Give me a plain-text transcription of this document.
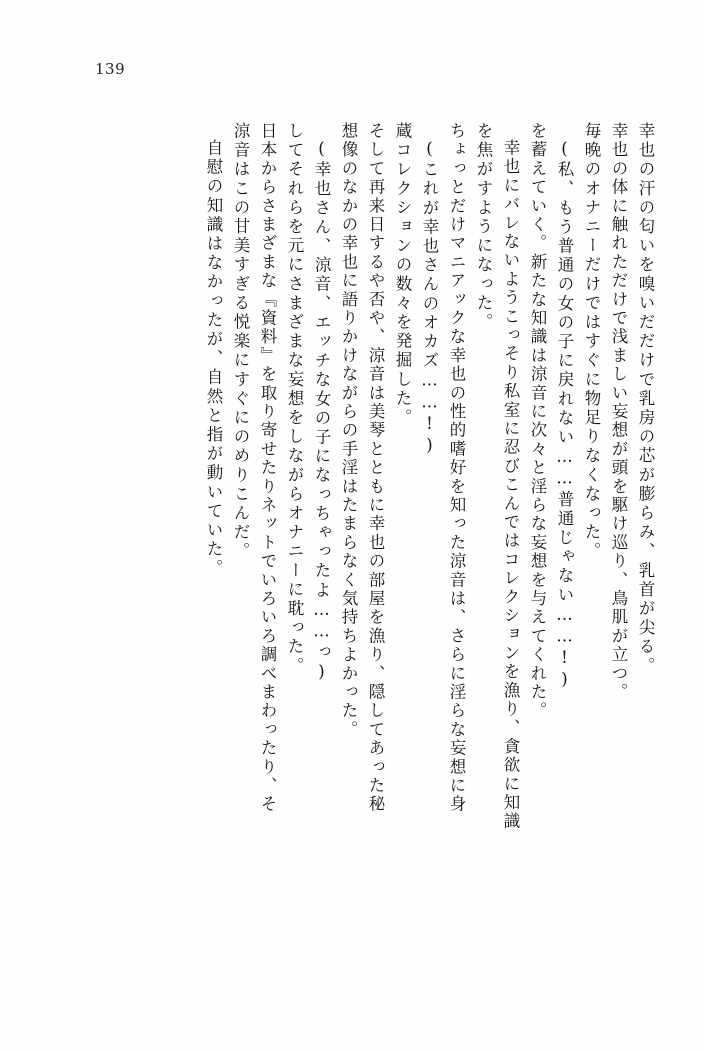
139
自慰の知識はなかったが、自然と指が動いていた。 涼音はこの甘美すぎる悦楽にすぐにのめりこんだ。 日本からさまざまな『資料』を取り寄せたりネットでいろいろ調べまわったり、そ してそれらを元にさまざまな妄想をしながらオナニーに耽った。 (幸也さん、涼音、エッチな女の子になっちゃったよ……っ) 想像のなかの幸也に語りかけながらの手淫はたまらなく気持ちよかった。 そして再来日するや否や、涼音は美琴とともに幸也の部屋を漁り、隠してあった秘 蔵コレクションの数々を発掘した。 (これが幸也さんのオカズ……!) ちょっとだけマニアックな幸也の性的嗜好を知った涼音は、さらに淫らな妄想に身 を焦がすようになった。 幸也にバレないようこっそり私室に忍びこんではコレクションを漁り、貪欲に知識 を蓄えていく。新たな知識は涼音に次々と淫らな妄想を与えてくれた。 (私、もう普通の女の子に戻れない……普通じゃない……!) 毎晩のオナニーだけではすぐに物足りなくなった。 幸也の体に触れただけで浅ましい妄想が頭を駆け巡り、鳥肌が立つ。 幸也の汗の匂いを嗅いだだけで乳房の芯が膨らみ、乳首が尖る。
